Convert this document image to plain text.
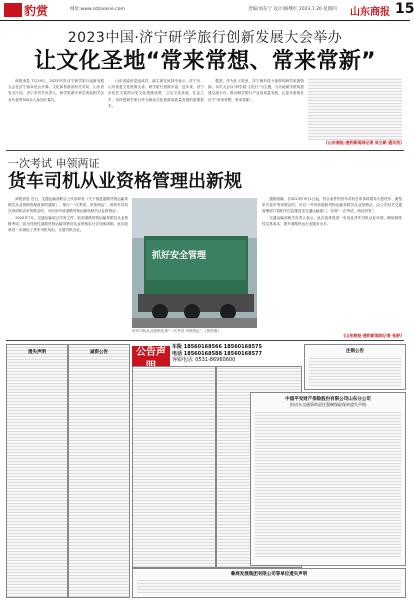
豹赏	网址:www.sdzaoxne.com	责编/刘东宁 设计/路继红 2023.7.20 星期四 山东商报 15
2023中国·济宁研学旅行创新发展大会举办
让文化圣地“常来常想、常来常新”

商报消息 7月19日，2023中国·济宁研学旅行创新发展大会在济宁曲阜尼山开幕。文化和旅游部有关司局、山东省有关厅局、济宁市有关负责人，研学旅游专家学者及相关企业代表等300余人参加开幕式。

山东省政协党组成员、副主席在致辞中表示，济宁市、山东省是文化资源大省，研学旅行资源丰富。近年来，济宁市依托丰富的历史文化资源优势，立足文化圣地、孔孟之乡，坚持把研学旅行作为推动文化旅游高质量发展的重要抓手。

据悉，作为孔子故里，济宁拥有得天独厚的研学旅游资源。本次大会以“研学游·文化行”为主题，为各地研学机构搭建交流平台，推动研学旅行产业高质量发展，让更多游客在济宁“常来常想、常来常新”。

(山东商报·速豹新闻网记者 吴立新 通讯员)
一次考试 申领两证
货车司机从业资格管理出新规

商报消息 近日，交通运输部联合公安部印发《关于推进道路货物运输驾驶员从业资格管理改革的通知》，推行“一次考试、申领两证”，即货车司机在申请机动车驾驶证时，可同步申请道路货物运输驾驶员从业资格证。

2020年7月，交通运输部已印发文件，取消道路货物运输驾驶员从业资格考试，改为经营性道路货物运输驾驶员从业资格实行告知承诺制。此次改革进一步减轻了货车司机负担，方便司机办证。

抓好安全管理
货车司机从业资格实现“一次考试 申领两证”。(资料图)

通知明确，自2023年9月1日起，符合条件的货车司机在申请或增驾大型货车、重型牵引挂车等驾驶证时，可以一并申请道路货物运输驾驶员从业资格证，由公安机关交通管理部门将相关信息推送至交通运输部门，实现“一次考试、两证同发”。

交通运输部相关负责人表示，此次改革将进一步优化货车司机从业环境，降低制度性交易成本，提升道路货运行业服务水平。

(山东商报·速豹新闻网记者 张舒)
遗失声明	减资公告	公告声	车险 18560168566 18560168575
电话 18560168588 18560168577
客服电话: 0531-86960600
注销公告
中国平安财产保险股份有限公司山东分公司
机动车交通事故责任强制保险保单遗失声明
鲁商发展集团有限公司等单位遗失声明
